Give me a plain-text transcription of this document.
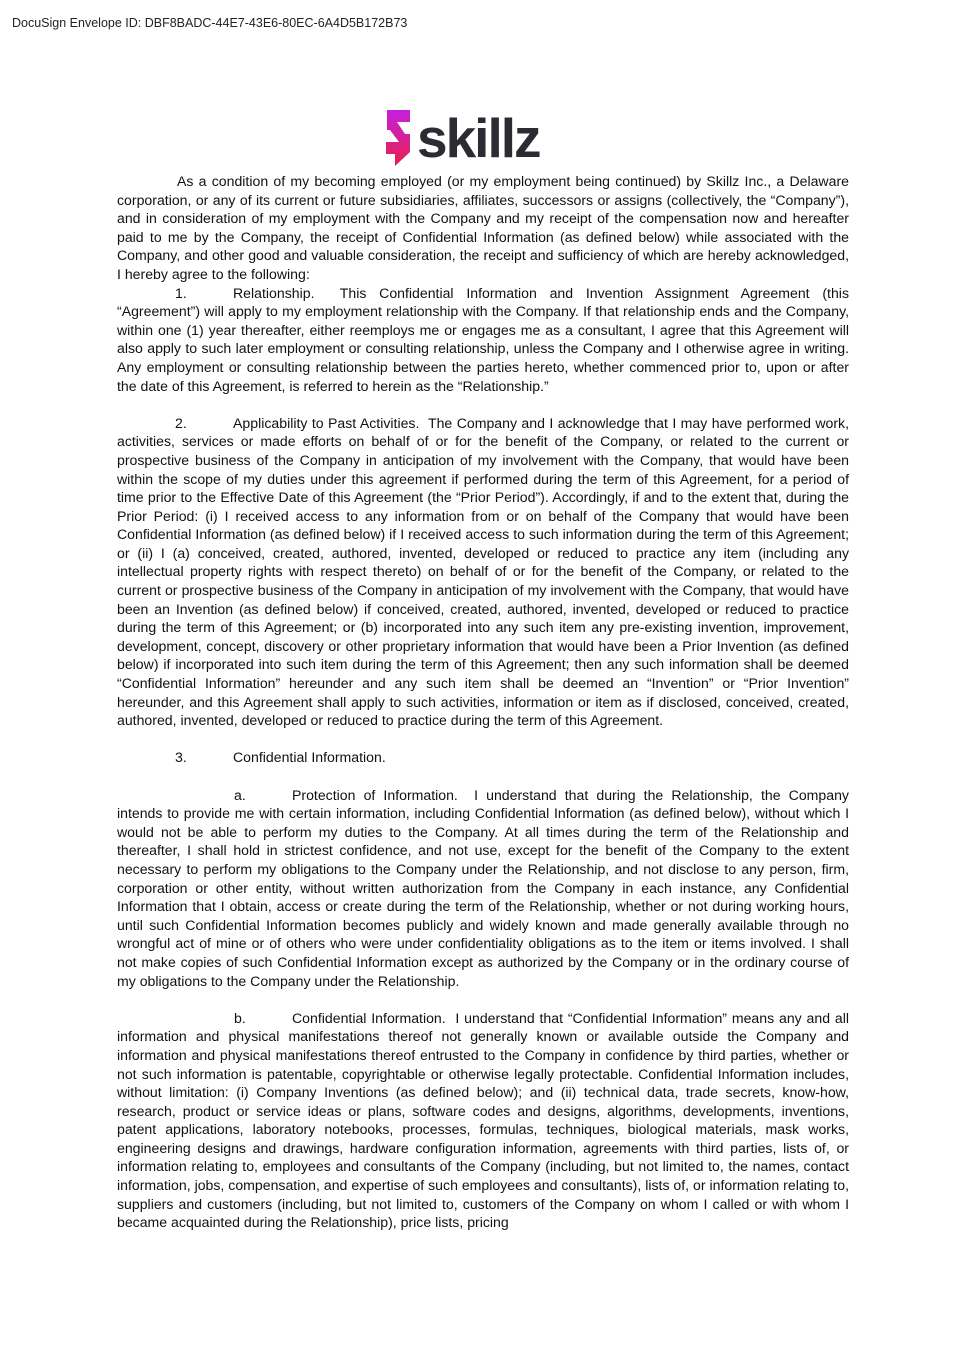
DocuSign Envelope ID: DBF8BADC-44E7-43E6-80EC-6A4D5B172B73
skillz

As a condition of my becoming employed (or my employment being continued) by Skillz Inc., a Delaware corporation, or any of its current or future subsidiaries, affiliates, successors or assigns (collectively, the “Company”), and in consideration of my employment with the Company and my receipt of the compensation now and hereafter paid to me by the Company, the receipt of Confidential Information (as defined below) while associated with the Company, and other good and valuable consideration, the receipt and sufficiency of which are hereby acknowledged, I hereby agree to the following:

1.	Relationship. This Confidential Information and Invention Assignment Agreement (this “Agreement”) will apply to my employment relationship with the Company. If that relationship ends and the Company, within one (1) year thereafter, either reemploys me or engages me as a consultant, I agree that this Agreement will also apply to such later employment or consulting relationship, unless the Company and I otherwise agree in writing. Any employment or consulting relationship between the parties hereto, whether commenced prior to, upon or after the date of this Agreement, is referred to herein as the “Relationship.”

2.	Applicability to Past Activities. The Company and I acknowledge that I may have performed work, activities, services or made efforts on behalf of or for the benefit of the Company, or related to the current or prospective business of the Company in anticipation of my involvement with the Company, that would have been within the scope of my duties under this agreement if performed during the term of this Agreement, for a period of time prior to the Effective Date of this Agreement (the “Prior Period”). Accordingly, if and to the extent that, during the Prior Period: (i) I received access to any information from or on behalf of the Company that would have been Confidential Information (as defined below) if I received access to such information during the term of this Agreement; or (ii) I (a) conceived, created, authored, invented, developed or reduced to practice any item (including any intellectual property rights with respect thereto) on behalf of or for the benefit of the Company, or related to the current or prospective business of the Company in anticipation of my involvement with the Company, that would have been an Invention (as defined below) if conceived, created, authored, invented, developed or reduced to practice during the term of this Agreement; or (b) incorporated into any such item any pre-existing invention, improvement, development, concept, discovery or other proprietary information that would have been a Prior Invention (as defined below) if incorporated into such item during the term of this Agreement; then any such information shall be deemed “Confidential Information” hereunder and any such item shall be deemed an “Invention” or “Prior Invention” hereunder, and this Agreement shall apply to such activities, information or item as if disclosed, conceived, created, authored, invented, developed or reduced to practice during the term of this Agreement.

3.	Confidential Information.

a.	Protection of Information. I understand that during the Relationship, the Company intends to provide me with certain information, including Confidential Information (as defined below), without which I would not be able to perform my duties to the Company. At all times during the term of the Relationship and thereafter, I shall hold in strictest confidence, and not use, except for the benefit of the Company to the extent necessary to perform my obligations to the Company under the Relationship, and not disclose to any person, firm, corporation or other entity, without written authorization from the Company in each instance, any Confidential Information that I obtain, access or create during the term of the Relationship, whether or not during working hours, until such Confidential Information becomes publicly and widely known and made generally available through no wrongful act of mine or of others who were under confidentiality obligations as to the item or items involved. I shall not make copies of such Confidential Information except as authorized by the Company or in the ordinary course of my obligations to the Company under the Relationship.

b.	Confidential Information. I understand that “Confidential Information” means any and all information and physical manifestations thereof not generally known or available outside the Company and information and physical manifestations thereof entrusted to the Company in confidence by third parties, whether or not such information is patentable, copyrightable or otherwise legally protectable. Confidential Information includes, without limitation: (i) Company Inventions (as defined below); and (ii) technical data, trade secrets, know-how, research, product or service ideas or plans, software codes and designs, algorithms, developments, inventions, patent applications, laboratory notebooks, processes, formulas, techniques, biological materials, mask works, engineering designs and drawings, hardware configuration information, agreements with third parties, lists of, or information relating to, employees and consultants of the Company (including, but not limited to, the names, contact information, jobs, compensation, and expertise of such employees and consultants), lists of, or information relating to, suppliers and customers (including, but not limited to, customers of the Company on whom I called or with whom I became acquainted during the Relationship), price lists, pricing
